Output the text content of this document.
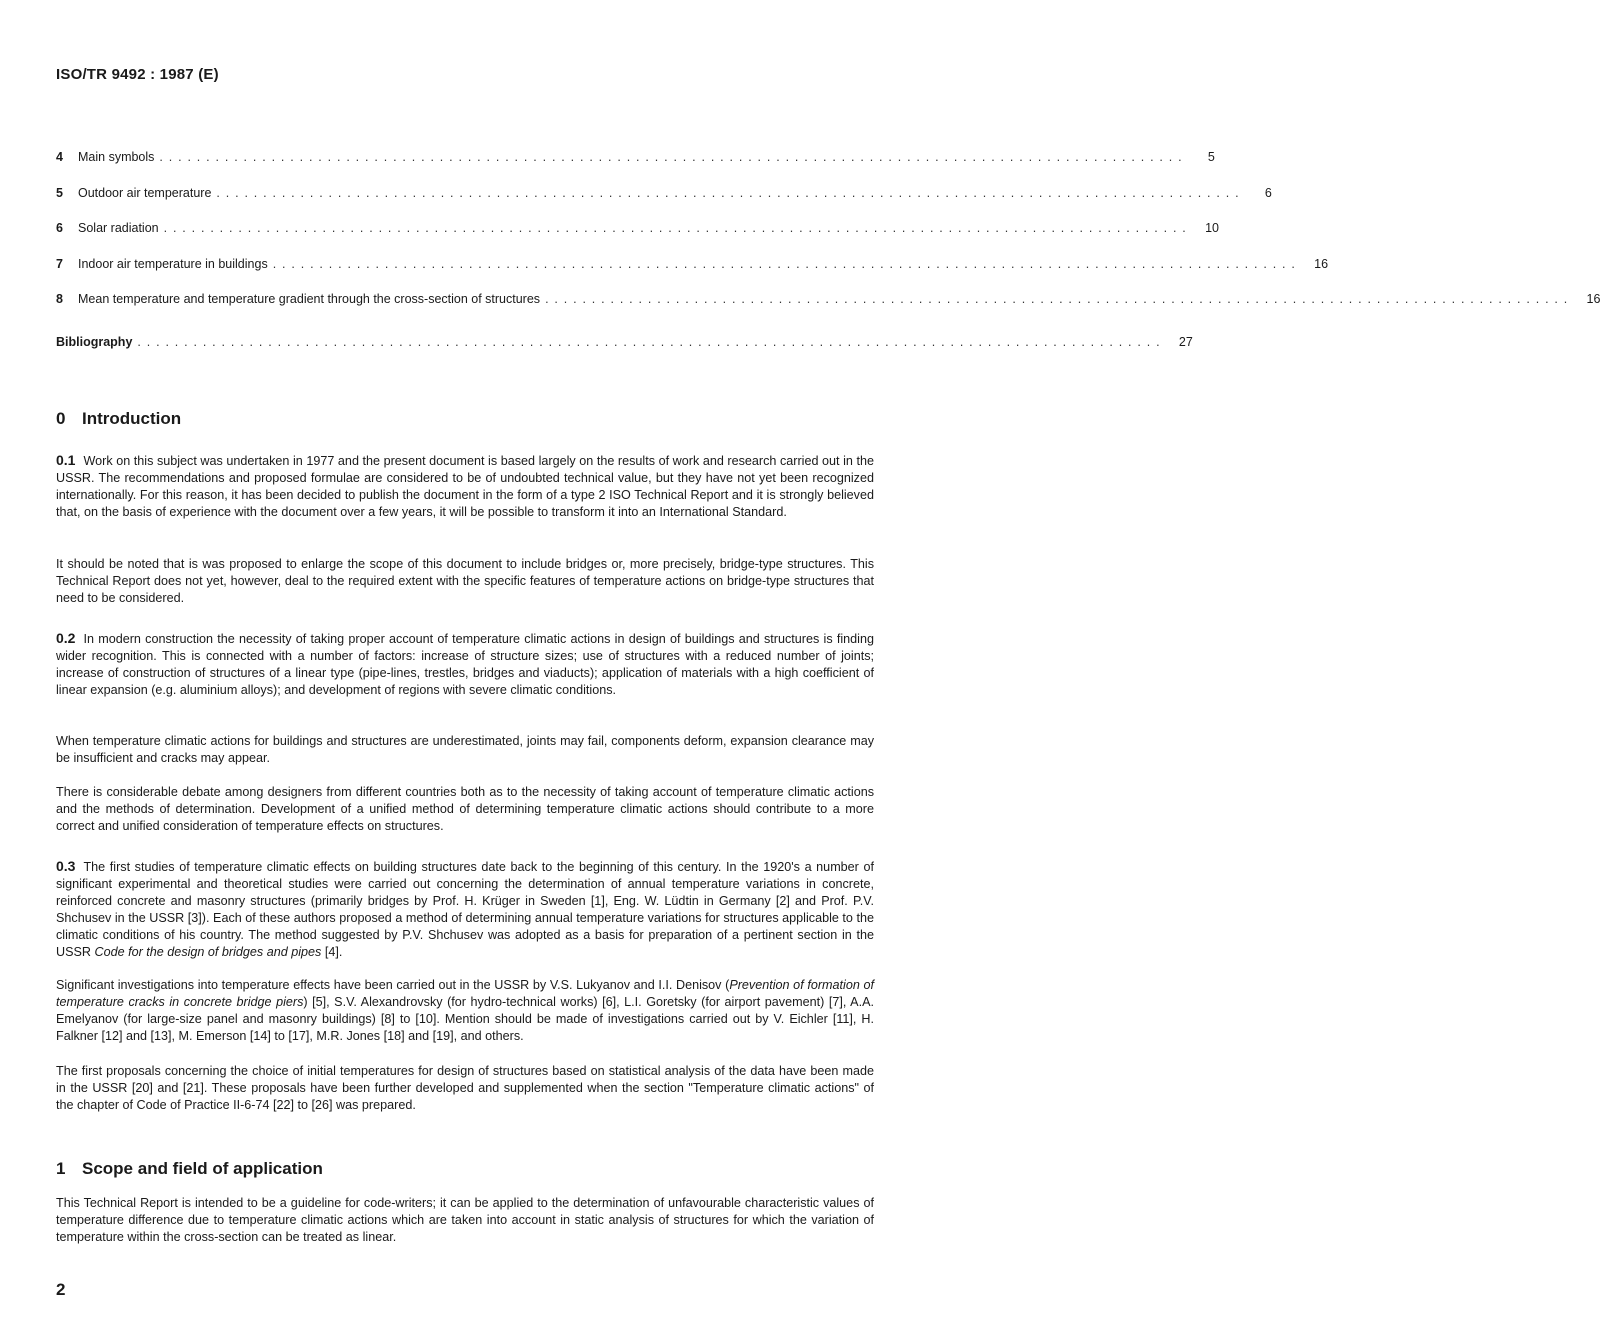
ISO/TR 9492 : 1987 (E)
4	Main symbols . . . . . . . . . . . . . . . . . . . . . . . . . . . . . . . . . . . . . . . . . . . . . . . . . . . . . . . . . . . . . . . . . . . . . . . . . . . . . . . . . . . . . . . . . . . . . . . . . . . . . . . . . . . . . .	5
5	Outdoor air temperature . . . . . . . . . . . . . . . . . . . . . . . . . . . . . . . . . . . . . . . . . . . . . . . . . . . . . . . . . . . . . . . . . . . . . . . . . . . . . . . . . . . . . . . . . . . . . . . . . . . . . . . . . . . . . .	6
6	Solar radiation . . . . . . . . . . . . . . . . . . . . . . . . . . . . . . . . . . . . . . . . . . . . . . . . . . . . . . . . . . . . . . . . . . . . . . . . . . . . . . . . . . . . . . . . . . . . . . . . . . . . . . . . . . . . . .	10
7	Indoor air temperature in buildings . . . . . . . . . . . . . . . . . . . . . . . . . . . . . . . . . . . . . . . . . . . . . . . . . . . . . . . . . . . . . . . . . . . . . . . . . . . . . . . . . . . . . . . . . . . . . . . . . . . . . . . . . . . . . .	16
8	Mean temperature and temperature gradient through the cross-section of structures . . . . . . . . . . . . . . . . . . . . . . . . . . . . . . . . . . . . . . . . . . . . . . . . . . . . . . . . . . . . . . . . . . . . . . . . . . . . . . . . . . . . . . . . . . . . . . . . . . . . . . . . . . . . . .	16
Bibliography . . . . . . . . . . . . . . . . . . . . . . . . . . . . . . . . . . . . . . . . . . . . . . . . . . . . . . . . . . . . . . . . . . . . . . . . . . . . . . . . . . . . . . . . . . . . . . . . . . . . . . . . . . . . . .	27
0 Introduction
0.1 Work on this subject was undertaken in 1977 and the present document is based largely on the results of work and research carried out in the USSR. The recommendations and proposed formulae are considered to be of undoubted technical value, but they have not yet been recognized internationally. For this reason, it has been decided to publish the document in the form of a type 2 ISO Technical Report and it is strongly believed that, on the basis of experience with the document over a few years, it will be possible to transform it into an International Standard.
It should be noted that is was proposed to enlarge the scope of this document to include bridges or, more precisely, bridge-type structures. This Technical Report does not yet, however, deal to the required extent with the specific features of temperature actions on bridge-type structures that need to be considered.
0.2 In modern construction the necessity of taking proper account of temperature climatic actions in design of buildings and structures is finding wider recognition. This is connected with a number of factors: increase of structure sizes; use of structures with a reduced number of joints; increase of construction of structures of a linear type (pipe-lines, trestles, bridges and viaducts); application of materials with a high coefficient of linear expansion (e.g. aluminium alloys); and development of regions with severe climatic conditions.
When temperature climatic actions for buildings and structures are underestimated, joints may fail, components deform, expansion clearance may be insufficient and cracks may appear.
There is considerable debate among designers from different countries both as to the necessity of taking account of temperature climatic actions and the methods of determination. Development of a unified method of determining temperature climatic actions should contribute to a more correct and unified consideration of temperature effects on structures.
0.3 The first studies of temperature climatic effects on building structures date back to the beginning of this century. In the 1920's a number of significant experimental and theoretical studies were carried out concerning the determination of annual temperature variations in concrete, reinforced concrete and masonry structures (primarily bridges by Prof. H. Krüger in Sweden [1], Eng. W. Lüdtin in Germany [2] and Prof. P.V. Shchusev in the USSR [3]). Each of these authors proposed a method of determining annual temperature variations for structures applicable to the climatic conditions of his country. The method suggested by P.V. Shchusev was adopted as a basis for preparation of a pertinent section in the USSR Code for the design of bridges and pipes [4].
Significant investigations into temperature effects have been carried out in the USSR by V.S. Lukyanov and I.I. Denisov (Prevention of formation of temperature cracks in concrete bridge piers) [5], S.V. Alexandrovsky (for hydro-technical works) [6], L.I. Goretsky (for airport pavement) [7], A.A. Emelyanov (for large-size panel and masonry buildings) [8] to [10]. Mention should be made of investigations carried out by V. Eichler [11], H. Falkner [12] and [13], M. Emerson [14] to [17], M.R. Jones [18] and [19], and others.
The first proposals concerning the choice of initial temperatures for design of structures based on statistical analysis of the data have been made in the USSR [20] and [21]. These proposals have been further developed and supplemented when the section "Temperature climatic actions" of the chapter of Code of Practice II-6-74 [22] to [26] was prepared.
1 Scope and field of application
This Technical Report is intended to be a guideline for code-writers; it can be applied to the determination of unfavourable characteristic values of temperature difference due to temperature climatic actions which are taken into account in static analysis of structures for which the variation of temperature within the cross-section can be treated as linear.
2
